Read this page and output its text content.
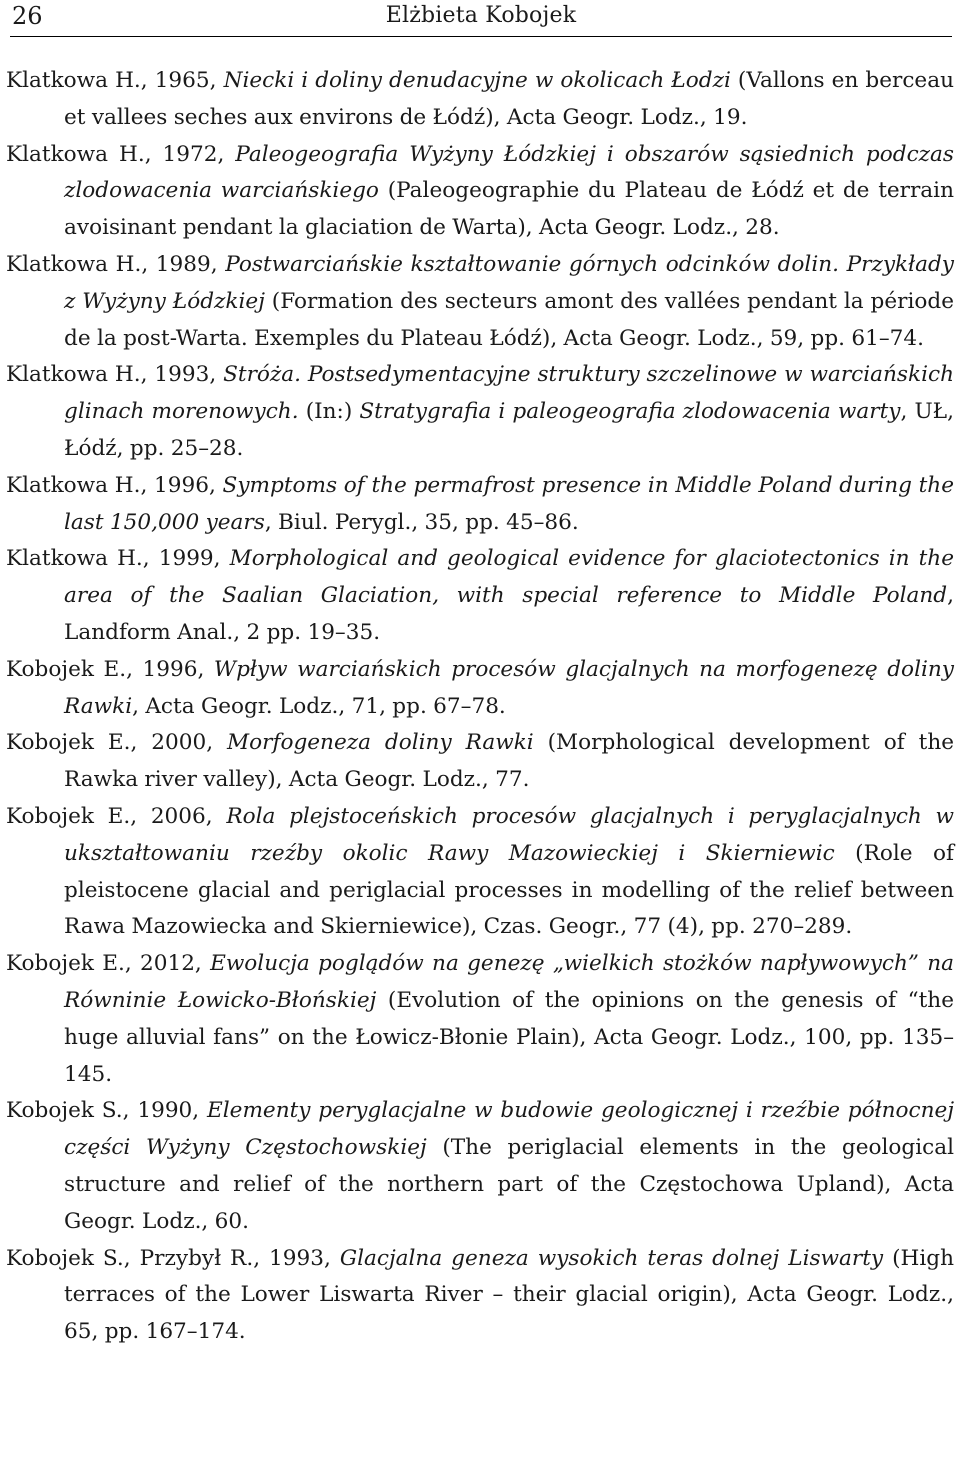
26	Elżbieta Kobojek
Klatkowa H., 1965, Niecki i doliny denudacyjne w okolicach Łodzi (Vallons en berceau et vallees seches aux environs de Łódź), Acta Geogr. Lodz., 19.
Klatkowa H., 1972, Paleogeografia Wyżyny Łódzkiej i obszarów sąsiednich podczas zlodowacenia warciańskiego (Paleogeographie du Plateau de Łódź et de terrain avoisinant pendant la glaciation de Warta), Acta Geogr. Lodz., 28.
Klatkowa H., 1989, Postwarciańskie kształtowanie górnych odcinków dolin. Przykłady z Wyżyny Łódzkiej (Formation des secteurs amont des vallées pendant la période de la post-Warta. Exemples du Plateau Łódź), Acta Geogr. Lodz., 59, pp. 61–74.
Klatkowa H., 1993, Stróża. Postsedymentacyjne struktury szczelinowe w warciańskich glinach morenowych. (In:) Stratygrafia i paleogeografia zlodowacenia warty, UŁ, Łódź, pp. 25–28.
Klatkowa H., 1996, Symptoms of the permafrost presence in Middle Poland during the last 150,000 years, Biul. Perygl., 35, pp. 45–86.
Klatkowa H., 1999, Morphological and geological evidence for glaciotectonics in the area of the Saalian Glaciation, with special reference to Middle Poland, Landform Anal., 2 pp. 19–35.
Kobojek E., 1996, Wpływ warciańskich procesów glacjalnych na morfogenezę doliny Rawki, Acta Geogr. Lodz., 71, pp. 67–78.
Kobojek E., 2000, Morfogeneza doliny Rawki (Morphological development of the Rawka river valley), Acta Geogr. Lodz., 77.
Kobojek E., 2006, Rola plejstoceńskich procesów glacjalnych i peryglacjalnych w ukształtowaniu rzeźby okolic Rawy Mazowieckiej i Skierniewic (Role of pleistocene glacial and periglacial processes in modelling of the relief between Rawa Mazowiecka and Skierniewice), Czas. Geogr., 77 (4), pp. 270–289.
Kobojek E., 2012, Ewolucja poglądów na genezę „wielkich stożków napływowych” na Równinie Łowicko-Błońskiej (Evolution of the opinions on the genesis of “the huge alluvial fans” on the Łowicz-Błonie Plain), Acta Geogr. Lodz., 100, pp. 135–145.
Kobojek S., 1990, Elementy peryglacjalne w budowie geologicznej i rzeźbie północnej części Wyżyny Częstochowskiej (The periglacial elements in the geological structure and relief of the northern part of the Częstochowa Upland), Acta Geogr. Lodz., 60.
Kobojek S., Przybył R., 1993, Glacjalna geneza wysokich teras dolnej Liswarty (High terraces of the Lower Liswarta River – their glacial origin), Acta Geogr. Lodz., 65, pp. 167–174.
